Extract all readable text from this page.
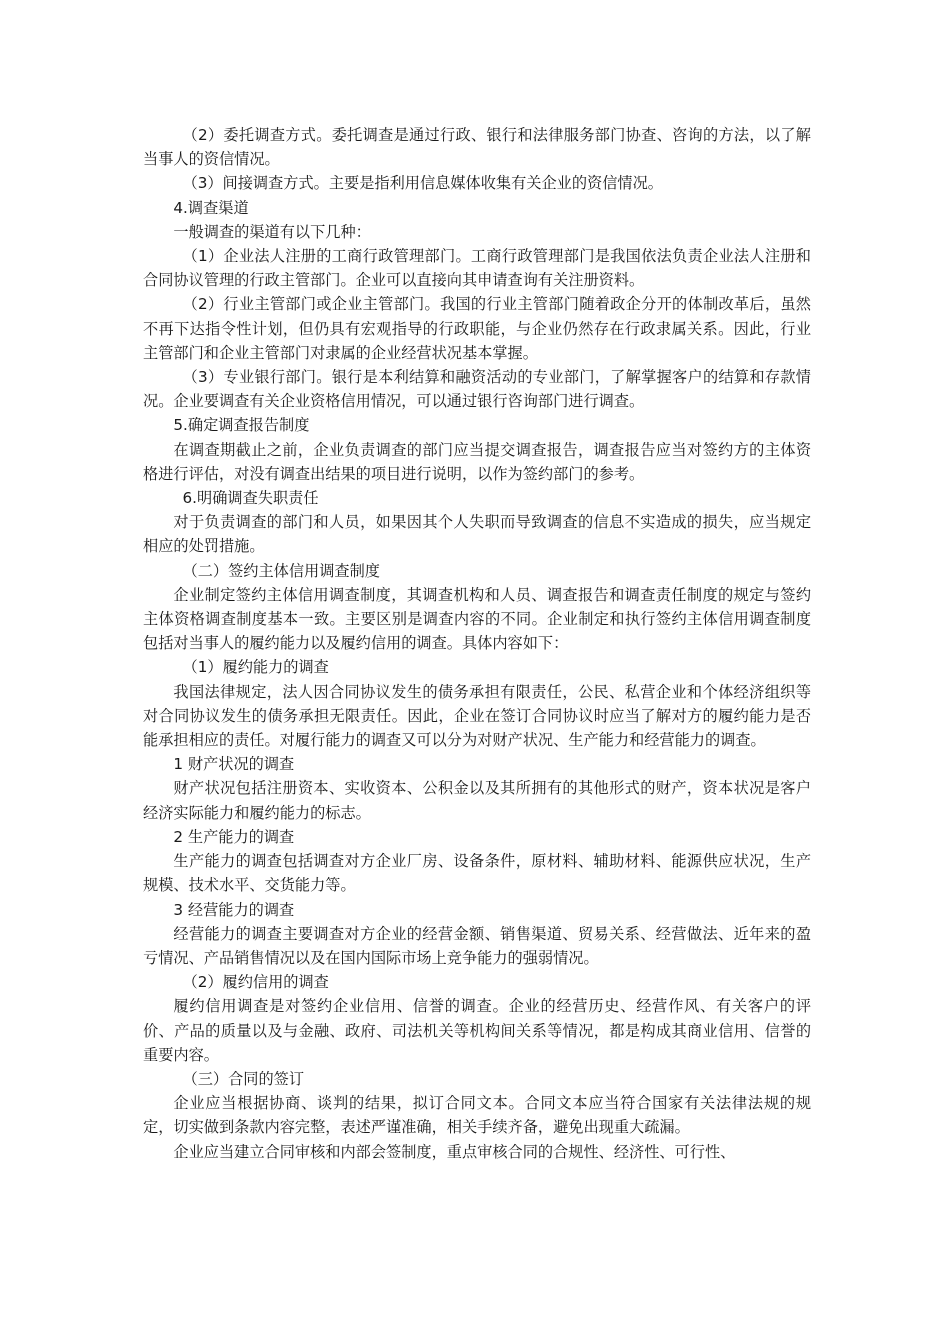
（2）委托调查方式。委托调查是通过行政、银行和法律服务部门协查、咨询的方法，以了解当事人的资信情况。

（3）间接调查方式。主要是指利用信息媒体收集有关企业的资信情况。

4.调查渠道

一般调查的渠道有以下几种：

（1）企业法人注册的工商行政管理部门。工商行政管理部门是我国依法负责企业法人注册和合同协议管理的行政主管部门。企业可以直接向其申请查询有关注册资料。

（2）行业主管部门或企业主管部门。我国的行业主管部门随着政企分开的体制改革后，虽然不再下达指令性计划，但仍具有宏观指导的行政职能，与企业仍然存在行政隶属关系。因此，行业主管部门和企业主管部门对隶属的企业经营状况基本掌握。

（3）专业银行部门。银行是本利结算和融资活动的专业部门，了解掌握客户的结算和存款情况。企业要调查有关企业资格信用情况，可以通过银行咨询部门进行调查。

5.确定调查报告制度

在调查期截止之前，企业负责调查的部门应当提交调查报告，调查报告应当对签约方的主体资格进行评估，对没有调查出结果的项目进行说明，以作为签约部门的参考。

6.明确调查失职责任

对于负责调查的部门和人员，如果因其个人失职而导致调查的信息不实造成的损失，应当规定相应的处罚措施。

（二）签约主体信用调查制度

企业制定签约主体信用调查制度，其调查机构和人员、调查报告和调查责任制度的规定与签约主体资格调查制度基本一致。主要区别是调查内容的不同。企业制定和执行签约主体信用调查制度包括对当事人的履约能力以及履约信用的调查。具体内容如下：

（1）履约能力的调查

我国法律规定，法人因合同协议发生的债务承担有限责任，公民、私营企业和个体经济组织等对合同协议发生的债务承担无限责任。因此，企业在签订合同协议时应当了解对方的履约能力是否能承担相应的责任。对履行能力的调查又可以分为对财产状况、生产能力和经营能力的调查。

1 财产状况的调查

财产状况包括注册资本、实收资本、公积金以及其所拥有的其他形式的财产，资本状况是客户经济实际能力和履约能力的标志。

2 生产能力的调查

生产能力的调查包括调查对方企业厂房、设备条件，原材料、辅助材料、能源供应状况，生产规模、技术水平、交货能力等。

3 经营能力的调查

经营能力的调查主要调查对方企业的经营金额、销售渠道、贸易关系、经营做法、近年来的盈亏情况、产品销售情况以及在国内国际市场上竞争能力的强弱情况。

（2）履约信用的调查

履约信用调查是对签约企业信用、信誉的调查。企业的经营历史、经营作风、有关客户的评价、产品的质量以及与金融、政府、司法机关等机构间关系等情况，都是构成其商业信用、信誉的重要内容。

（三）合同的签订

企业应当根据协商、谈判的结果，拟订合同文本。合同文本应当符合国家有关法律法规的规定，切实做到条款内容完整，表述严谨准确，相关手续齐备，避免出现重大疏漏。

企业应当建立合同审核和内部会签制度，重点审核合同的合规性、经济性、可行性、
